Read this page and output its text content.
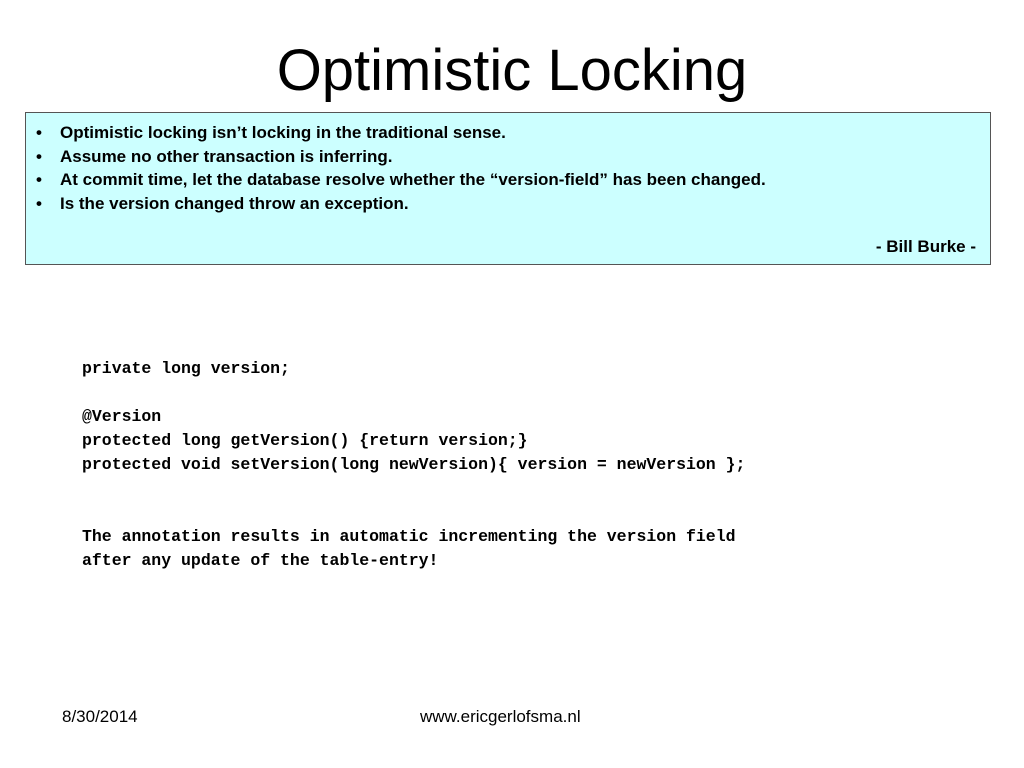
Optimistic Locking
• Optimistic locking isn’t locking in the traditional sense.
• Assume no other transaction is inferring.
• At commit time, let the database resolve whether the “version-field” has been changed.
• Is the version changed throw an exception.
- Bill Burke -
private long version;
@Version
protected long getVersion() {return version;}
protected void setVersion(long newVersion){ version = newVersion };
The annotation results in automatic incrementing the version field
after any update of the table-entry!
8/30/2014	www.ericgerlofsma.nl
